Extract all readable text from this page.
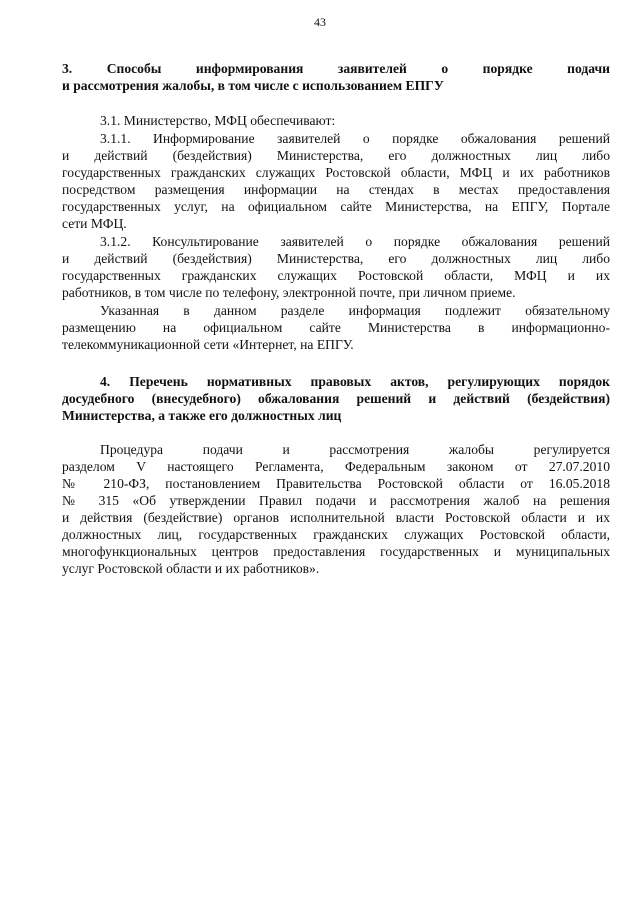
43
3. Способы информирования заявителей о порядке подачи
и рассмотрения жалобы, в том числе с использованием ЕПГУ
3.1. Министерство, МФЦ обеспечивают:
3.1.1. Информирование заявителей о порядке обжалования решений
и действий (бездействия) Министерства, его должностных лиц либо
государственных гражданских служащих Ростовской области, МФЦ и их работников
посредством размещения информации на стендах в местах предоставления
государственных услуг, на официальном сайте Министерства, на ЕПГУ, Портале
сети МФЦ.
3.1.2. Консультирование заявителей о порядке обжалования решений
и действий (бездействия) Министерства, его должностных лиц либо
государственных гражданских служащих Ростовской области, МФЦ и их
работников, в том числе по телефону, электронной почте, при личном приеме.
Указанная в данном разделе информация подлежит обязательному
размещению на официальном сайте Министерства в информационно-
телекоммуникационной сети «Интернет, на ЕПГУ.
4. Перечень нормативных правовых актов, регулирующих порядок
досудебного (внесудебного) обжалования решений и действий (бездействия)
Министерства, а также его должностных лиц
Процедура подачи и рассмотрения жалобы регулируется
разделом V настоящего Регламента, Федеральным законом от 27.07.2010
№ 210-ФЗ, постановлением Правительства Ростовской области от 16.05.2018
№ 315 «Об утверждении Правил подачи и рассмотрения жалоб на решения
и действия (бездействие) органов исполнительной власти Ростовской области и их
должностных лиц, государственных гражданских служащих Ростовской области,
многофункциональных центров предоставления государственных и муниципальных
услуг Ростовской области и их работников».
